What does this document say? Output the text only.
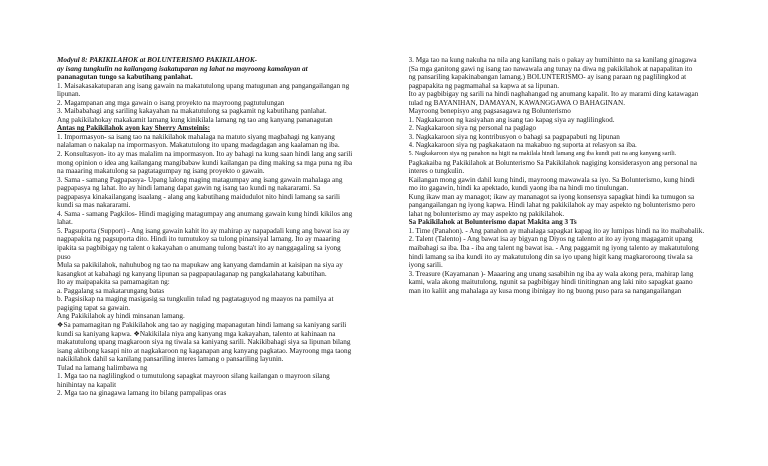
Modyul 8: PAKIKILAHOK at BOLUNTERISMO PAKIKILAHOK-
ay isang tungkulin na kailangang isakatuparan ng lahat na mayroong kamalayan at
pananagutan tungo sa kabutihang panlahat.
1. Maisakasakatuparan ang isang gawain na makatutulong upang matugunan ang pangangailangan ng
lipunan.
2. Magampanan ang mga gawain o isang proyekto na mayroong pagtutulungan
3. Maibabahagi ang sariling kakayahan na makatutulong sa pagkamit ng kabutihang panlahat.
Ang pakikilahokay makakamit lamang kung kinikilala lamang ng tao ang kanyang pananagutan
Antas ng Pakikilahok ayon kay Sherry Amsteinis:
1. Impormasyon- sa isang tao na nakikilahok mahalaga na matuto siyang magbahagi ng kanyang
nalalaman o nakalap na impormasyon. Makatutulong ito upang madagdagan ang kaalaman ng iba.
2. Konsultasyon- ito ay mas malalim na impormasyon. Ito ay bahagi na kung saan hindi lang ang sarili
mong opinion o idea ang kailangang mangibabaw kundi kailangan pa ding making sa mga puna ng iba
na maaaring makatulong sa pagtatagumpay ng isang proyekto o gawain.
3. Sama - samang Pagpapasya- Upang lalong maging matagumpay ang isang gawain mahalaga ang
pagpapasya ng lahat. Ito ay hindi lamang dapat gawin ng isang tao kundi ng nakararami. Sa
pagpapasya kinakailangang isaalang - alang ang kabutihang maidudulot nito hindi lamang sa sarili
kundi sa mas nakararami.
4. Sama - samang Pagkilos- Hindi magiging matagumpay ang anumang gawain kung hindi kikilos ang
lahat.
5. Pagsuporta (Support) - Ang isang gawain kahit ito ay mahirap ay napapadali kung ang bawat isa ay
nagpapakita ng pagsuporta dito. Hindi ito tumutukoy sa tulong pinansiyal lamang. Ito ay maaaring
ipakita sa pagbibigay ng talent o kakayahan o anumang tulong basta't ito ay nanggagaling sa iyong
puso
Mula sa pakikilahok, nahuhubog ng tao na mapukaw ang kanyang damdamin at kaisipan na siya ay
kasangkot at kabahagi ng kanyang lipunan sa pagpapaulaganap ng pangkalahatang kabutihan.
Ito ay maipapakita sa pamamagitan ng:
a. Paggalang sa makatarungang batas
b. Pagsisikap na maging masigasig sa tungkulin tulad ng pagtataguyod ng maayos na pamilya at
pagiging tapat sa gawain.
Ang Pakikilahok ay hindi minsanan lamang.
❖Sa pamamagitan ng Pakikilahok ang tao ay nagiging mapanagutan hindi lamang sa kaniyang sarili
kundi sa kaniyang kapwa. ❖Nakikilala niya ang kanyang mga kakayahan, talento at kahinaan na
makatutulong upang magkaroon siya ng tiwala sa kaniyang sarili. Nakikibahagi siya sa lipunan bilang
isang aktibong kasapi nito at nagkakaroon ng kaganapan ang kanyang pagkatao. Mayroong mga taong
nakikilahok dahil sa kanilang pansariling interes lamang o pansariling layunin.
Tulad na lamang halimbawa ng
1. Mga tao na naglilingkod o tumutulong sapagkat mayroon silang kailangan o mayroon silang
hinihintay na kapalit
2. Mga tao na ginagawa lamang ito bilang pampalipas oras
3. Mga tao na kung nakuha na nila ang kanilang nais o pakay ay humihinto na sa kanilang ginagawa
(Sa mga ganitong gawi ng isang tao nawawala ang tunay na diwa ng pakikilahok at napapalitan ito
ng pansariling kapakinabangan lamang.) BOLUNTERISMO- ay isang paraan ng paglilingkod at
pagpapakita ng pagmamahal sa kapwa at sa lipunan.
Ito ay pagbibigay ng sarili na hindi naghahangad ng anumang kapalit. Ito ay marami ding katawagan
tulad ng BAYANIHAN, DAMAYAN, KAWANGGAWA O BAHAGINAN.
Mayroong benepisyo ang pagsasagawa ng Bolunterismo
1. Nagkakaroon ng kasiyahan ang isang tao kapag siya ay naglilingkod.
2. Nagkakaroon siya ng personal na paglago
3. Nagkakaroon siya ng kontribusyon o bahagi sa pagpapabuti ng lipunan
4. Nagkakaroon siya ng pagkakataon na makabuo ng suporta at relasyon sa iba.
5. Nagkakaroon siya ng panahon na higit na makilala hindi lamang ang iba kundi pati na ang kanyang sarili.
Pagkakaiba ng Pakikilahok at Bolunterismo Sa Pakikilahok nagiging konsiderasyon ang personal na
interes o tungkulin.
Kailangan mong gawin dahil kung hindi, mayroong mawawala sa iyo. Sa Bolunterismo, kung hindi
mo ito gagawin, hindi ka apektado, kundi yaong iba na hindi mo tinulungan.
Kung ikaw man ay managot; ikaw ay mananagot sa iyong konsensya sapagkat hindi ka tumugon sa
pangangailangan ng iyong kapwa. Hindi lahat ng pakikilahok ay may aspekto ng bolunterismo pero
lahat ng bolunterismo ay may aspekto ng pakikilahok.
Sa Pakikilahok at Bolunterismo dapat Makita ang 3 Ts
1. Time (Panahon). - Ang panahon ay mahalaga sapagkat kapag ito ay lumipas hindi na ito maibabalik.
2. Talent (Talento) - Ang bawat isa ay bigyan ng Diyos ng talento at ito ay iyong magagamit upang
maibahagi sa iba. Iba - iba ang talent ng bawat isa. - Ang paggamit ng iyong talento ay makatutulong
hindi lamang sa iba kundi ito ay makatutulong din sa iyo upang higit kang magkaroroong tiwala sa
iyong sarili.
3. Treasure (Kayamanan )- Maaaring ang unang sasabihin ng iba ay wala akong pera, mahirap lang
kami, wala akong maitutulong, ngunit sa pagbibigay hindi tinitingnan ang laki nito sapagkat gaano
man ito kaliit ang mahalaga ay kusa mong ibinigay ito ng buong puso para sa nangangailangan
